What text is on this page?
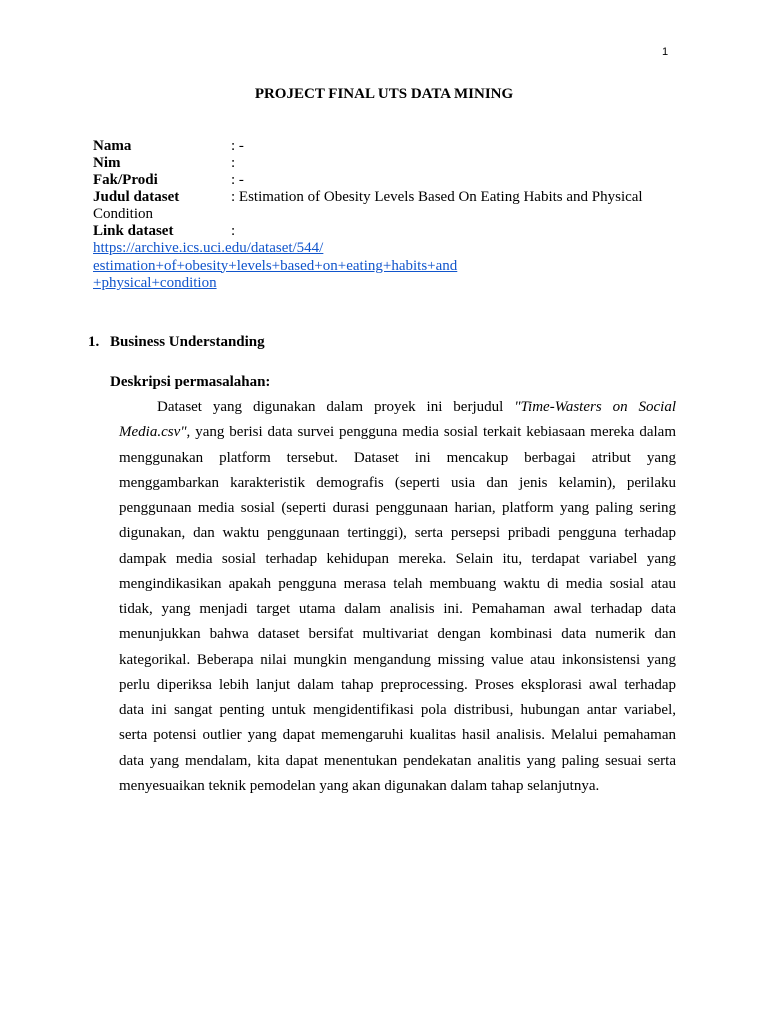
1
PROJECT FINAL UTS DATA MINING
Nama	: -
Nim	:
Fak/Prodi	: -
Judul dataset	: Estimation of Obesity Levels Based On Eating Habits and Physical
Condition
Link dataset	:
https://archive.ics.uci.edu/dataset/544/
estimation+of+obesity+levels+based+on+eating+habits+and
+physical+condition
1. Business Understanding
Deskripsi permasalahan:
Dataset yang digunakan dalam proyek ini berjudul "Time-Wasters on Social
Media.csv", yang berisi data survei pengguna media sosial terkait kebiasaan mereka dalam
menggunakan platform tersebut. Dataset ini mencakup berbagai atribut yang
menggambarkan karakteristik demografis (seperti usia dan jenis kelamin), perilaku
penggunaan media sosial (seperti durasi penggunaan harian, platform yang paling sering
digunakan, dan waktu penggunaan tertinggi), serta persepsi pribadi pengguna terhadap
dampak media sosial terhadap kehidupan mereka. Selain itu, terdapat variabel yang
mengindikasikan apakah pengguna merasa telah membuang waktu di media sosial atau
tidak, yang menjadi target utama dalam analisis ini. Pemahaman awal terhadap data
menunjukkan bahwa dataset bersifat multivariat dengan kombinasi data numerik dan
kategorikal. Beberapa nilai mungkin mengandung missing value atau inkonsistensi yang
perlu diperiksa lebih lanjut dalam tahap preprocessing. Proses eksplorasi awal terhadap
data ini sangat penting untuk mengidentifikasi pola distribusi, hubungan antar variabel,
serta potensi outlier yang dapat memengaruhi kualitas hasil analisis. Melalui pemahaman
data yang mendalam, kita dapat menentukan pendekatan analitis yang paling sesuai serta
menyesuaikan teknik pemodelan yang akan digunakan dalam tahap selanjutnya.
